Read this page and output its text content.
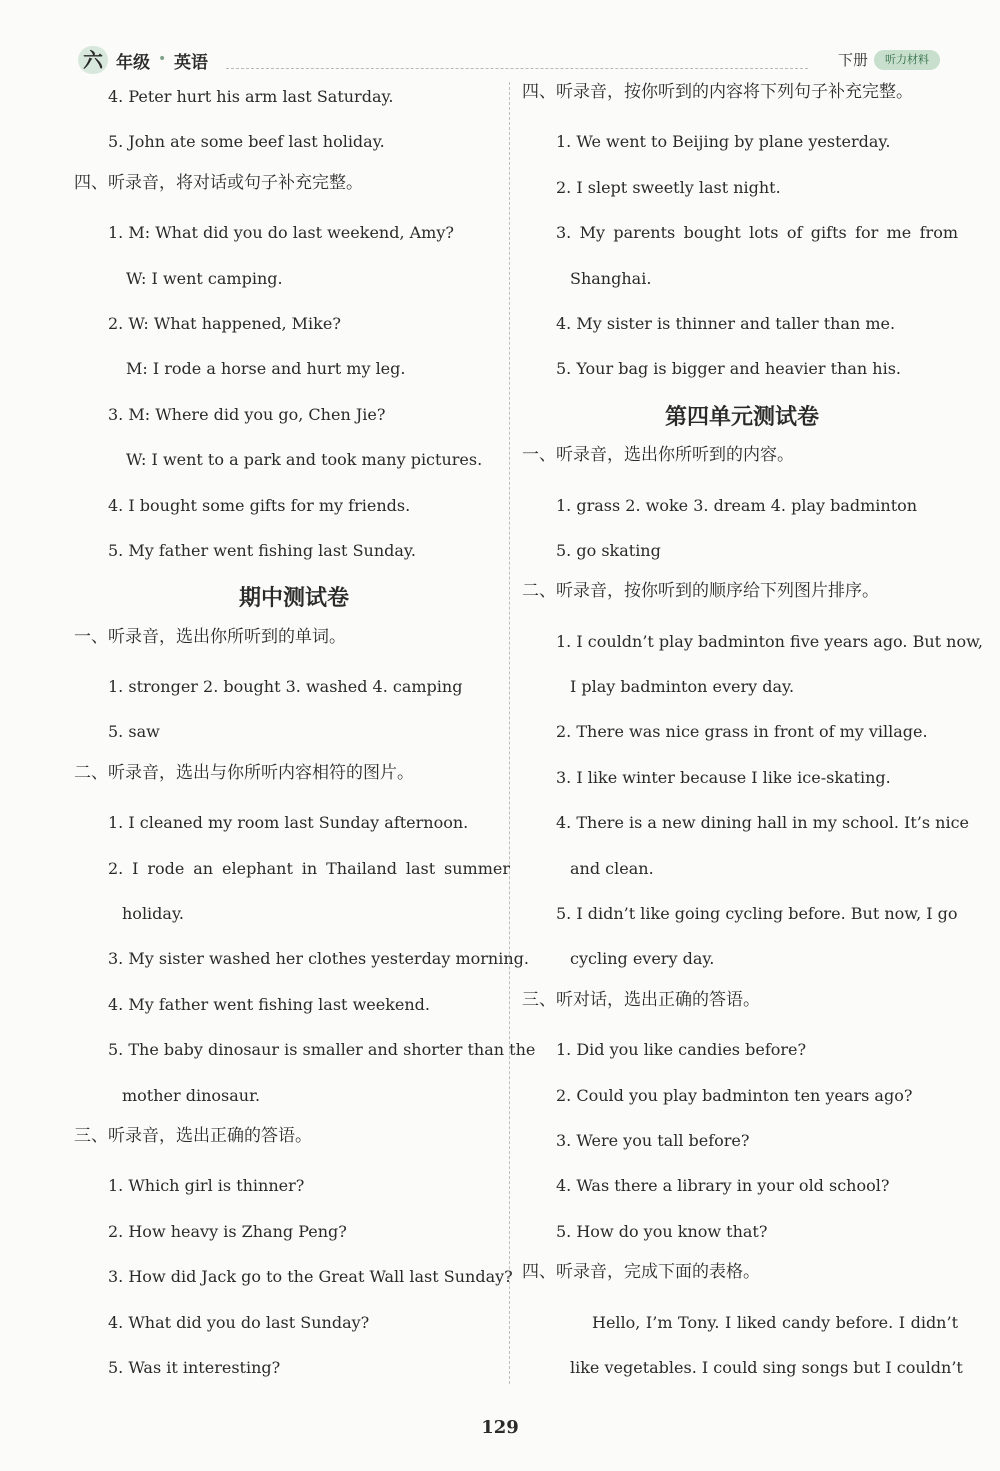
六 年级 • 英语	下册	听力材料
4. Peter hurt his arm last Saturday.
5. John ate some beef last holiday.
四、听录音，将对话或句子补充完整。
1. M: What did you do last weekend, Amy?
W: I went camping.
2. W: What happened, Mike?
M: I rode a horse and hurt my leg.
3. M: Where did you go, Chen Jie?
W: I went to a park and took many pictures.
4. I bought some gifts for my friends.
5. My father went fishing last Sunday.
期中测试卷
一、听录音，选出你所听到的单词。
1. stronger 2. bought 3. washed 4. camping
5. saw
二、听录音，选出与你所听内容相符的图片。
1. I cleaned my room last Sunday afternoon.
2. I rode an elephant in Thailand last summer
holiday.
3. My sister washed her clothes yesterday morning.
4. My father went fishing last weekend.
5. The baby dinosaur is smaller and shorter than the
mother dinosaur.
三、听录音，选出正确的答语。
1. Which girl is thinner?
2. How heavy is Zhang Peng?
3. How did Jack go to the Great Wall last Sunday?
4. What did you do last Sunday?
5. Was it interesting?
四、听录音，按你听到的内容将下列句子补充完整。
1. We went to Beijing by plane yesterday.
2. I slept sweetly last night.
3. My parents bought lots of gifts for me from
Shanghai.
4. My sister is thinner and taller than me.
5. Your bag is bigger and heavier than his.
第四单元测试卷
一、听录音，选出你所听到的内容。
1. grass 2. woke 3. dream 4. play badminton
5. go skating
二、听录音，按你听到的顺序给下列图片排序。
1. I couldn’t play badminton five years ago. But now,
I play badminton every day.
2. There was nice grass in front of my village.
3. I like winter because I like ice-skating.
4. There is a new dining hall in my school. It’s nice
and clean.
5. I didn’t like going cycling before. But now, I go
cycling every day.
三、听对话，选出正确的答语。
1. Did you like candies before?
2. Could you play badminton ten years ago?
3. Were you tall before?
4. Was there a library in your old school?
5. How do you know that?
四、听录音，完成下面的表格。
Hello, I’m Tony. I liked candy before. I didn’t
like vegetables. I could sing songs but I couldn’t
129
